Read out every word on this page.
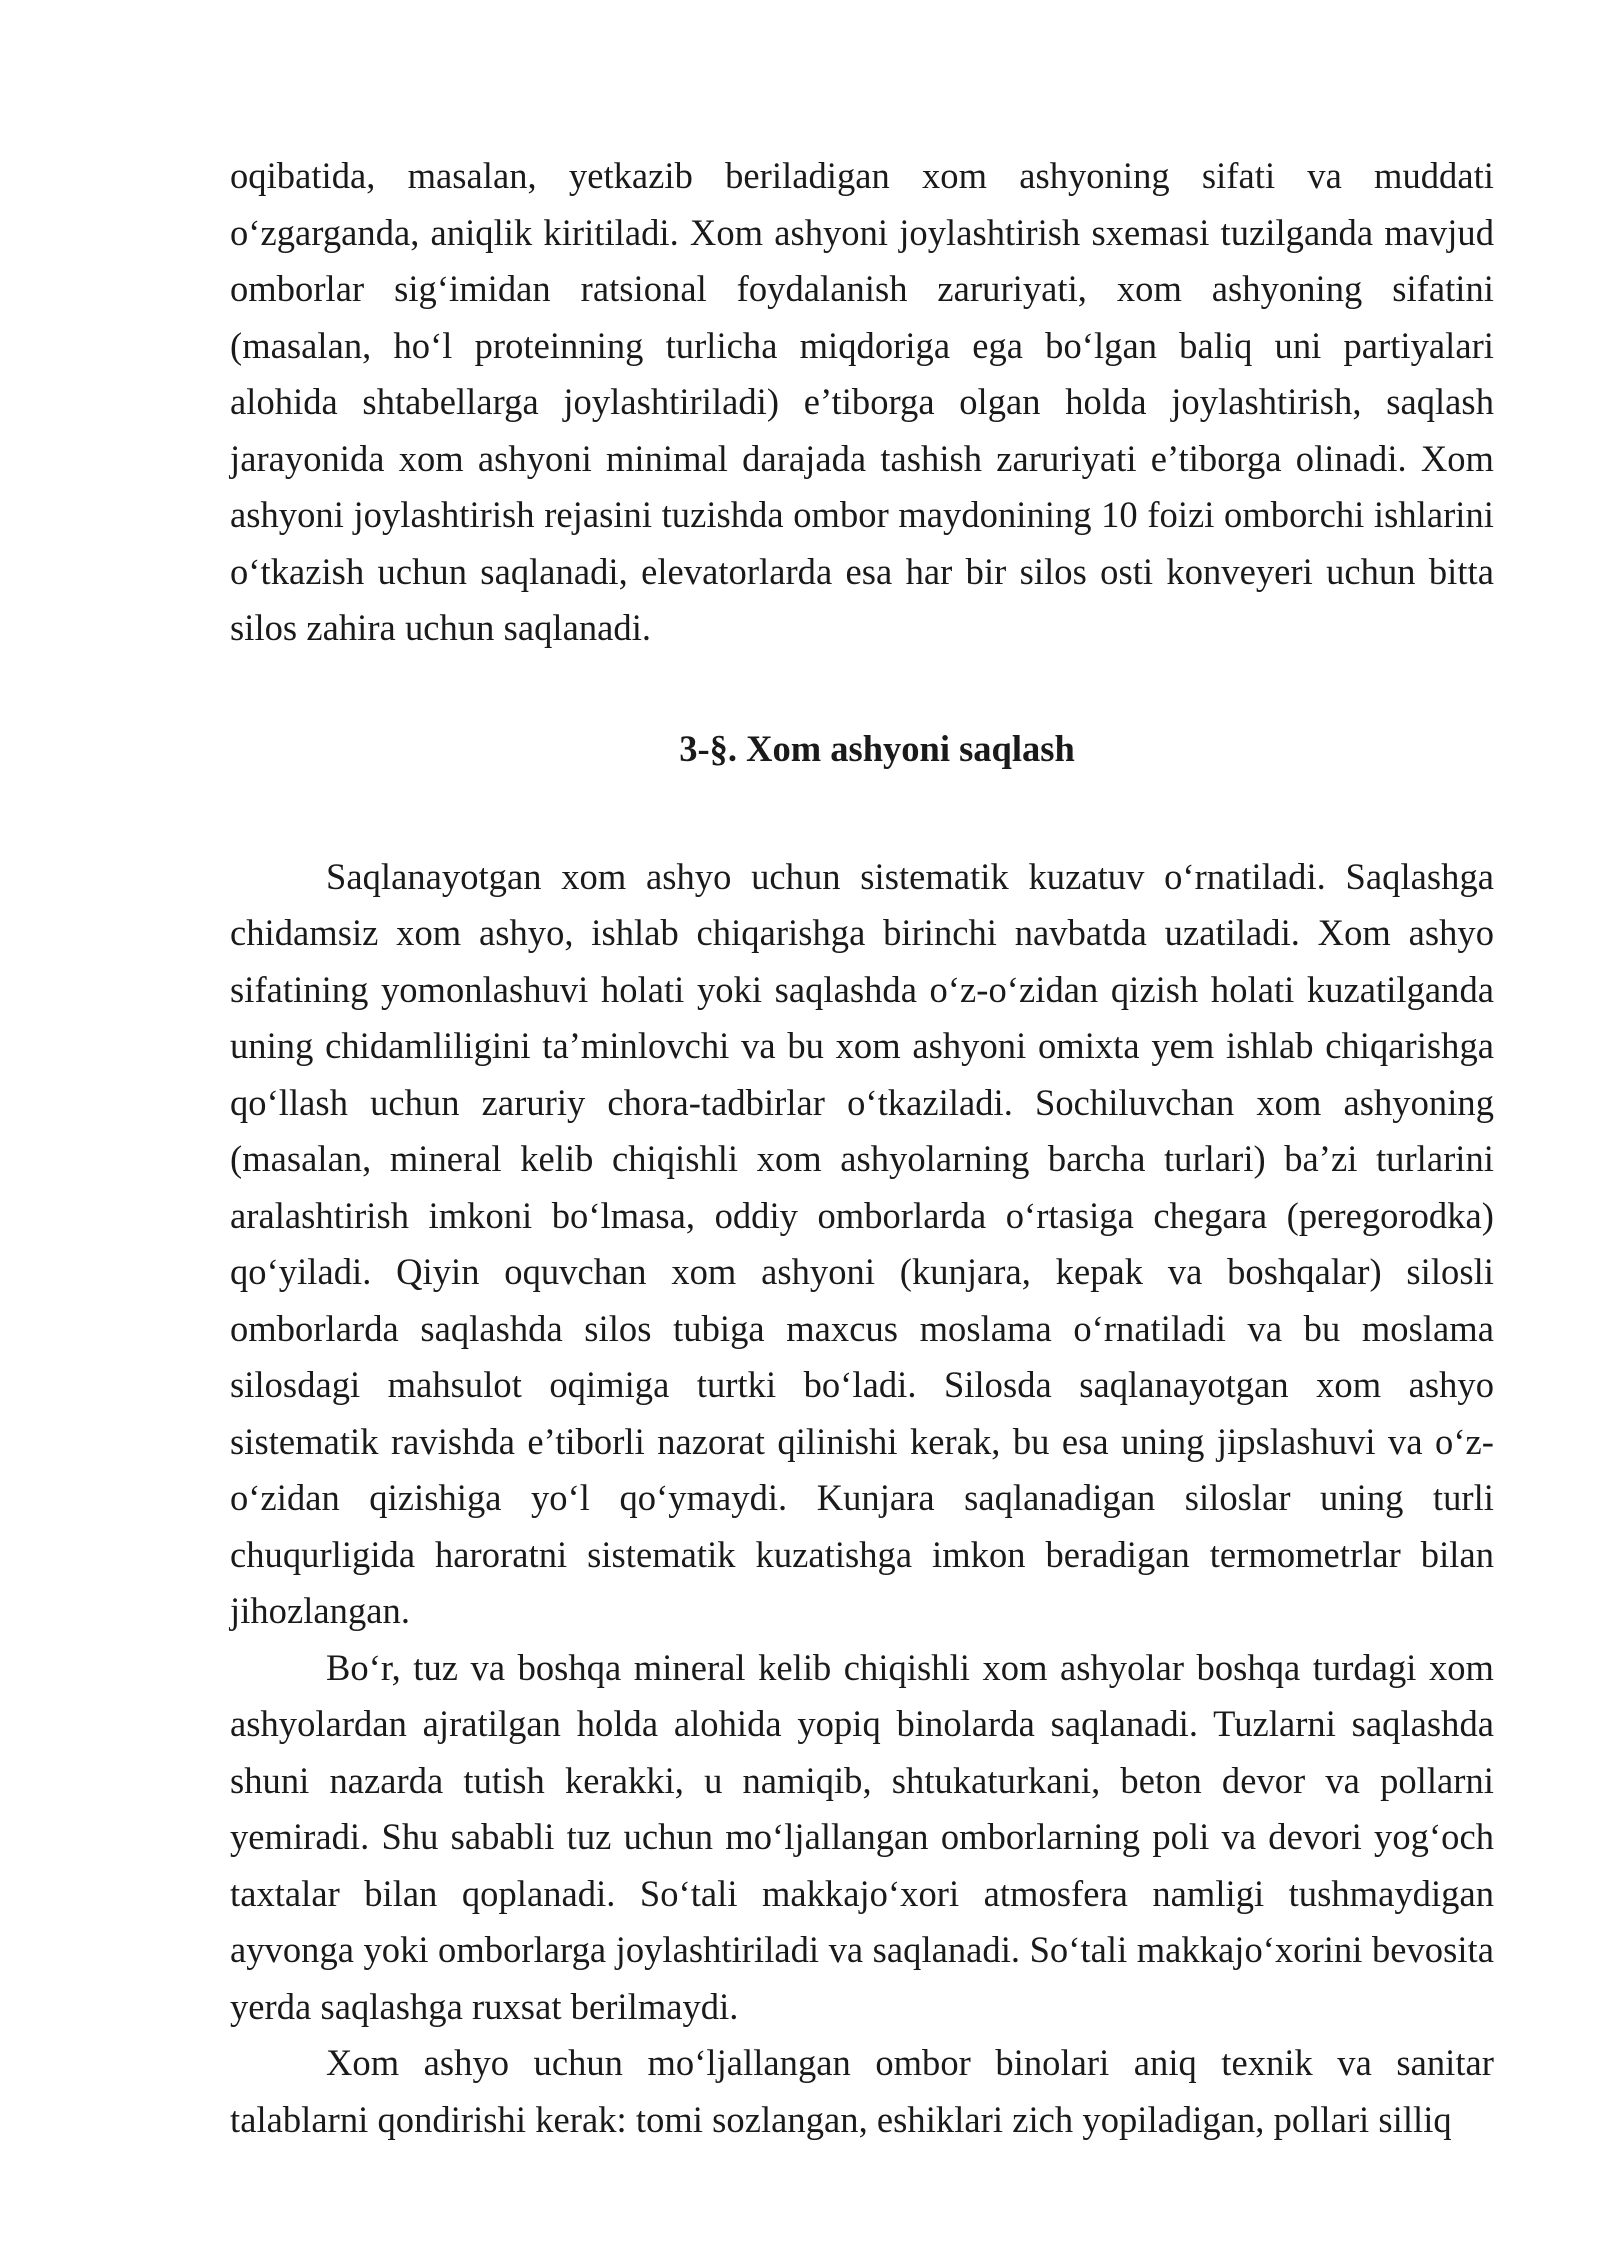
oqibatida, masalan, yetkazib beriladigan xom ashyoning sifati va muddati o‘zgarganda, aniqlik kiritiladi. Xom ashyoni joylashtirish sxemasi tuzilganda mavjud omborlar sig‘imidan ratsional foydalanish zaruriyati, xom ashyoning sifatini (masalan, ho‘l proteinning turlicha miqdoriga ega bo‘lgan baliq uni partiyalari alohida shtabellarga joylashtiriladi) e’tiborga olgan holda joylashtirish, saqlash jarayonida xom ashyoni minimal darajada tashish zaruriyati e’tiborga olinadi. Xom ashyoni joylashtirish rejasini tuzishda ombor maydonining 10 foizi omborchi ishlarini o‘tkazish uchun saqlanadi, elevatorlarda esa har bir silos osti konveyeri uchun bitta silos zahira uchun saqlanadi.

3-§. Xom ashyoni saqlash

Saqlanayotgan xom ashyo uchun sistematik kuzatuv o‘rnatiladi. Saqlashga chidamsiz xom ashyo, ishlab chiqarishga birinchi navbatda uzatiladi. Xom ashyo sifatining yomonlashuvi holati yoki saqlashda o‘z-o‘zidan qizish holati kuzatilganda uning chidamliligini ta’minlovchi va bu xom ashyoni omixta yem ishlab chiqarishga qo‘llash uchun zaruriy chora-tadbirlar o‘tkaziladi. Sochiluvchan xom ashyoning (masalan, mineral kelib chiqishli xom ashyolarning barcha turlari) ba’zi turlarini aralashtirish imkoni bo‘lmasa, oddiy omborlarda o‘rtasiga chegara (peregorodka) qo‘yiladi. Qiyin oquvchan xom ashyoni (kunjara, kepak va boshqalar) silosli omborlarda saqlashda silos tubiga maxcus moslama o‘rnatiladi va bu moslama silosdagi mahsulot oqimiga turtki bo‘ladi. Silosda saqlanayotgan xom ashyo sistematik ravishda e’tiborli nazorat qilinishi kerak, bu esa uning jipslashuvi va o‘z-o‘zidan qizishiga yo‘l qo‘ymaydi. Kunjara saqlanadigan siloslar uning turli chuqurligida haroratni sistematik kuzatishga imkon beradigan termometrlar bilan jihozlangan.

Bo‘r, tuz va boshqa mineral kelib chiqishli xom ashyolar boshqa turdagi xom ashyolardan ajratilgan holda alohida yopiq binolarda saqlanadi. Tuzlarni saqlashda shuni nazarda tutish kerakki, u namiqib, shtukaturkani, beton devor va pollarni yemiradi. Shu sababli tuz uchun mo‘ljallangan omborlarning poli va devori yog‘och taxtalar bilan qoplanadi. So‘tali makkajo‘xori atmosfera namligi tushmaydigan ayvonga yoki omborlarga joylashtiriladi va saqlanadi. So‘tali makkajo‘xorini bevosita yerda saqlashga ruxsat berilmaydi.

Xom ashyo uchun mo‘ljallangan ombor binolari aniq texnik va sanitar talablarni qondirishi kerak: tomi sozlangan, eshiklari zich yopiladigan, pollari silliq
